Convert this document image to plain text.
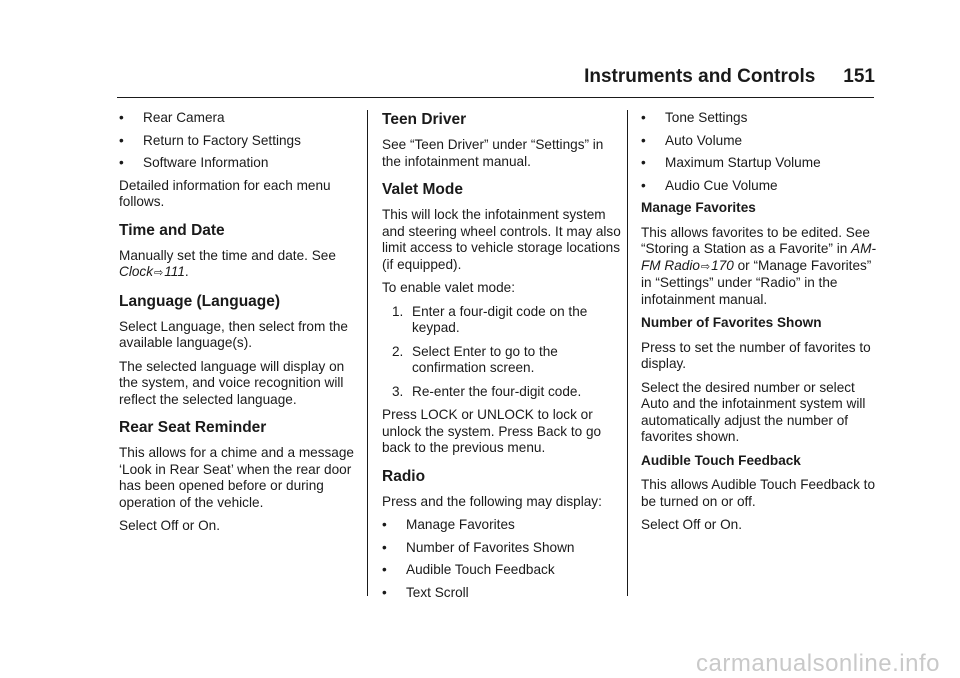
Instruments and Controls 151
• Rear Camera
• Return to Factory Settings
• Software Information

Detailed information for each menu follows.

Time and Date

Manually set the time and date. See Clock⇨111.

Language (Language)

Select Language, then select from the available language(s).

The selected language will display on the system, and voice recognition will reflect the selected language.

Rear Seat Reminder

This allows for a chime and a message ‘Look in Rear Seat’ when the rear door has been opened before or during operation of the vehicle.

Select Off or On.

Teen Driver

See “Teen Driver” under “Settings” in the infotainment manual.

Valet Mode

This will lock the infotainment system and steering wheel controls. It may also limit access to vehicle storage locations (if equipped).

To enable valet mode:

1. Enter a four-digit code on the keypad.
2. Select Enter to go to the confirmation screen.
3. Re-enter the four-digit code.

Press LOCK or UNLOCK to lock or unlock the system. Press Back to go back to the previous menu.

Radio

Press and the following may display:

• Manage Favorites
• Number of Favorites Shown
• Audible Touch Feedback
• Text Scroll
• Tone Settings
• Auto Volume
• Maximum Startup Volume
• Audio Cue Volume

Manage Favorites

This allows favorites to be edited. See “Storing a Station as a Favorite” in AM-FM Radio⇨170 or “Manage Favorites” in “Settings” under “Radio” in the infotainment manual.

Number of Favorites Shown

Press to set the number of favorites to display.

Select the desired number or select Auto and the infotainment system will automatically adjust the number of favorites shown.

Audible Touch Feedback

This allows Audible Touch Feedback to be turned on or off.

Select Off or On.

carmanualsonline.info
